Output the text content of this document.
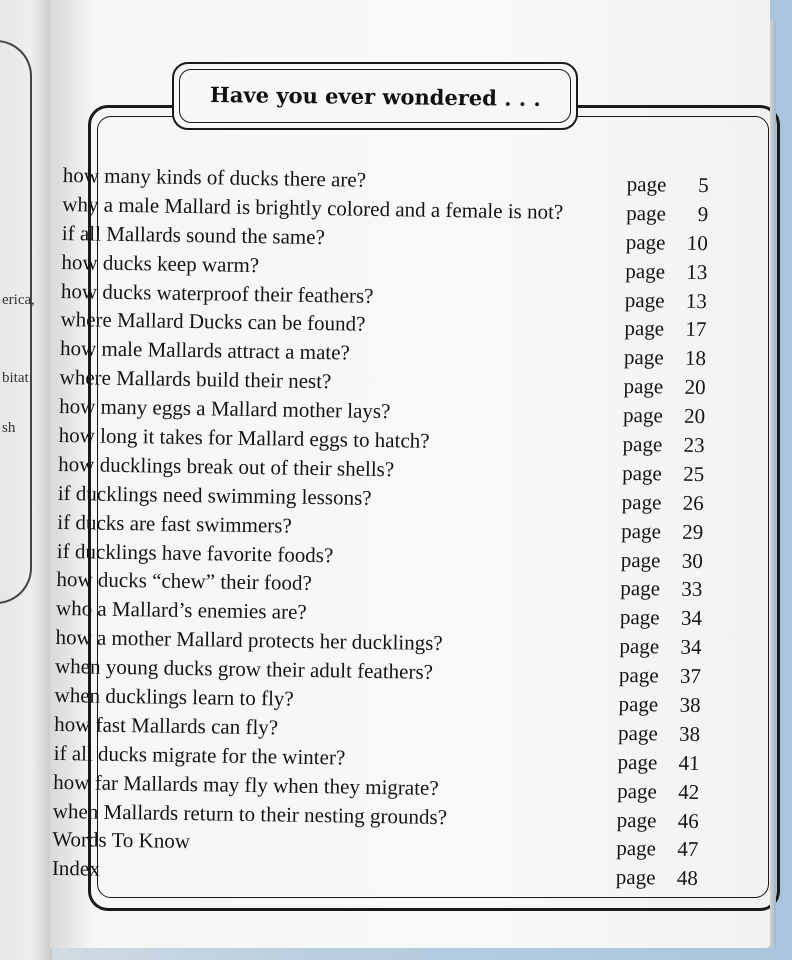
erica,
bitat
sh
Have you ever wondered . . .
how many kinds of ducks there are?	page 5
why a male Mallard is brightly colored and a female is not?	page 9
if all Mallards sound the same?	page 10
how ducks keep warm?	page 13
how ducks waterproof their feathers?	page 13
where Mallard Ducks can be found?	page 17
how male Mallards attract a mate?	page 18
where Mallards build their nest?	page 20
how many eggs a Mallard mother lays?	page 20
how long it takes for Mallard eggs to hatch?	page 23
how ducklings break out of their shells?	page 25
if ducklings need swimming lessons?	page 26
if ducks are fast swimmers?	page 29
if ducklings have favorite foods?	page 30
how ducks “chew” their food?	page 33
who a Mallard’s enemies are?	page 34
how a mother Mallard protects her ducklings?	page 34
when young ducks grow their adult feathers?	page 37
when ducklings learn to fly?	page 38
how fast Mallards can fly?	page 38
if all ducks migrate for the winter?	page 41
how far Mallards may fly when they migrate?	page 42
when Mallards return to their nesting grounds?	page 46
Words To Know	page 47
Index	page 48
